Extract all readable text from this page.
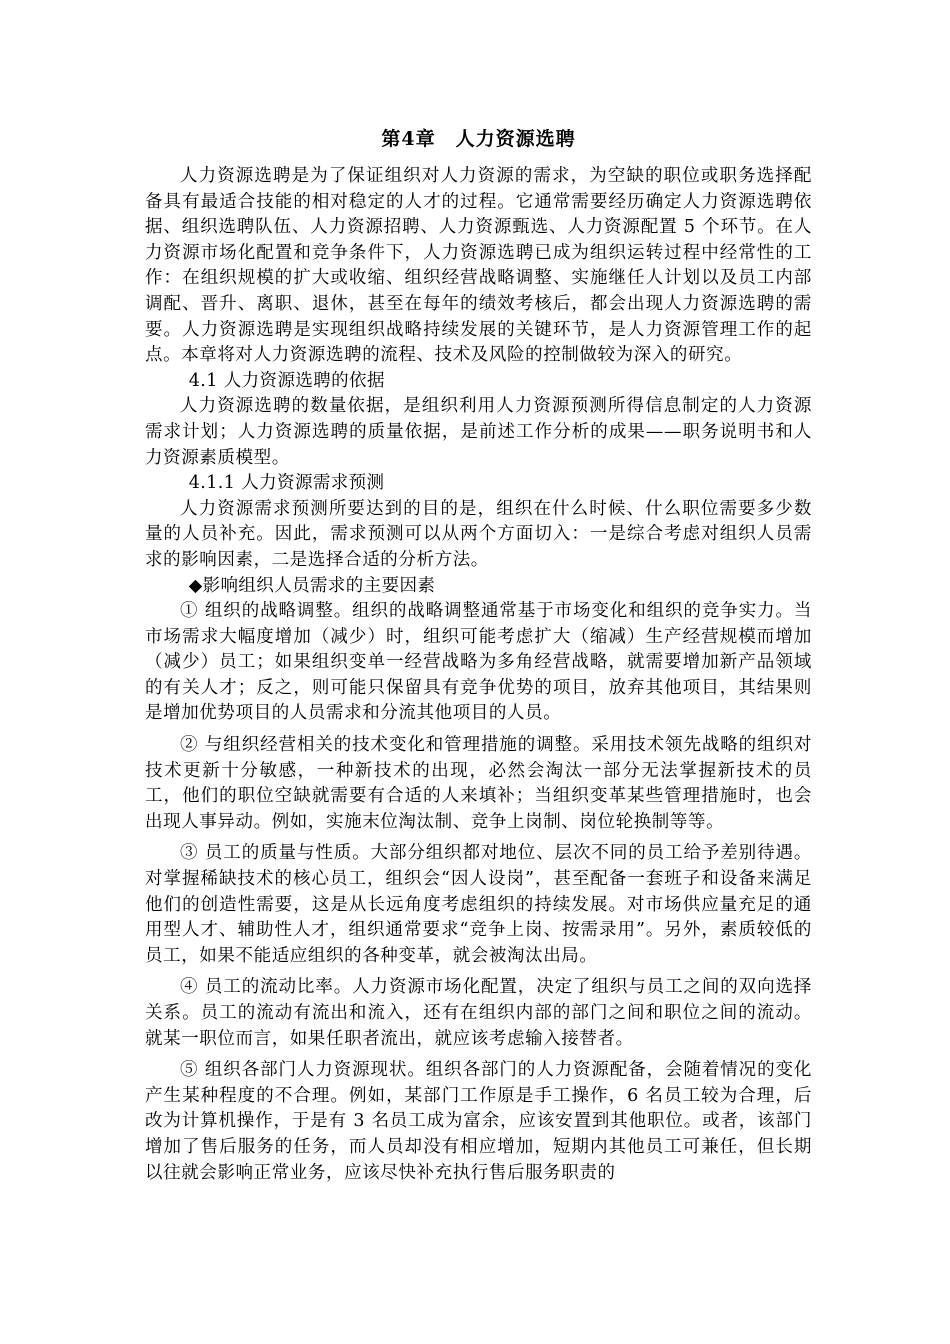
第4章　人力资源选聘

人力资源选聘是为了保证组织对人力资源的需求，为空缺的职位或职务选择配备具有最适合技能的相对稳定的人才的过程。它通常需要经历确定人力资源选聘依据、组织选聘队伍、人力资源招聘、人力资源甄选、人力资源配置 5 个环节。在人力资源市场化配置和竞争条件下，人力资源选聘已成为组织运转过程中经常性的工作：在组织规模的扩大或收缩、组织经营战略调整、实施继任人计划以及员工内部调配、晋升、离职、退休，甚至在每年的绩效考核后，都会出现人力资源选聘的需要。人力资源选聘是实现组织战略持续发展的关键环节，是人力资源管理工作的起点。本章将对人力资源选聘的流程、技术及风险的控制做较为深入的研究。

4.1 人力资源选聘的依据

人力资源选聘的数量依据，是组织利用人力资源预测所得信息制定的人力资源需求计划；人力资源选聘的质量依据，是前述工作分析的成果——职务说明书和人力资源素质模型。

4.1.1 人力资源需求预测

人力资源需求预测所要达到的目的是，组织在什么时候、什么职位需要多少数量的人员补充。因此，需求预测可以从两个方面切入：一是综合考虑对组织人员需求的影响因素，二是选择合适的分析方法。

◆影响组织人员需求的主要因素

① 组织的战略调整。组织的战略调整通常基于市场变化和组织的竞争实力。当市场需求大幅度增加（减少）时，组织可能考虑扩大（缩减）生产经营规模而增加（减少）员工；如果组织变单一经营战略为多角经营战略，就需要增加新产品领域的有关人才；反之，则可能只保留具有竞争优势的项目，放弃其他项目，其结果则是增加优势项目的人员需求和分流其他项目的人员。

② 与组织经营相关的技术变化和管理措施的调整。采用技术领先战略的组织对技术更新十分敏感，一种新技术的出现，必然会淘汰一部分无法掌握新技术的员工，他们的职位空缺就需要有合适的人来填补；当组织变革某些管理措施时，也会出现人事异动。例如，实施末位淘汰制、竞争上岗制、岗位轮换制等等。

③ 员工的质量与性质。大部分组织都对地位、层次不同的员工给予差别待遇。对掌握稀缺技术的核心员工，组织会“因人设岗”，甚至配备一套班子和设备来满足他们的创造性需要，这是从长远角度考虑组织的持续发展。对市场供应量充足的通用型人才、辅助性人才，组织通常要求“竞争上岗、按需录用”。另外，素质较低的员工，如果不能适应组织的各种变革，就会被淘汰出局。

④ 员工的流动比率。人力资源市场化配置，决定了组织与员工之间的双向选择关系。员工的流动有流出和流入，还有在组织内部的部门之间和职位之间的流动。就某一职位而言，如果任职者流出，就应该考虑输入接替者。

⑤ 组织各部门人力资源现状。组织各部门的人力资源配备，会随着情况的变化产生某种程度的不合理。例如，某部门工作原是手工操作，6 名员工较为合理，后改为计算机操作，于是有 3 名员工成为富余，应该安置到其他职位。或者，该部门增加了售后服务的任务，而人员却没有相应增加，短期内其他员工可兼任，但长期以往就会影响正常业务，应该尽快补充执行售后服务职责的
